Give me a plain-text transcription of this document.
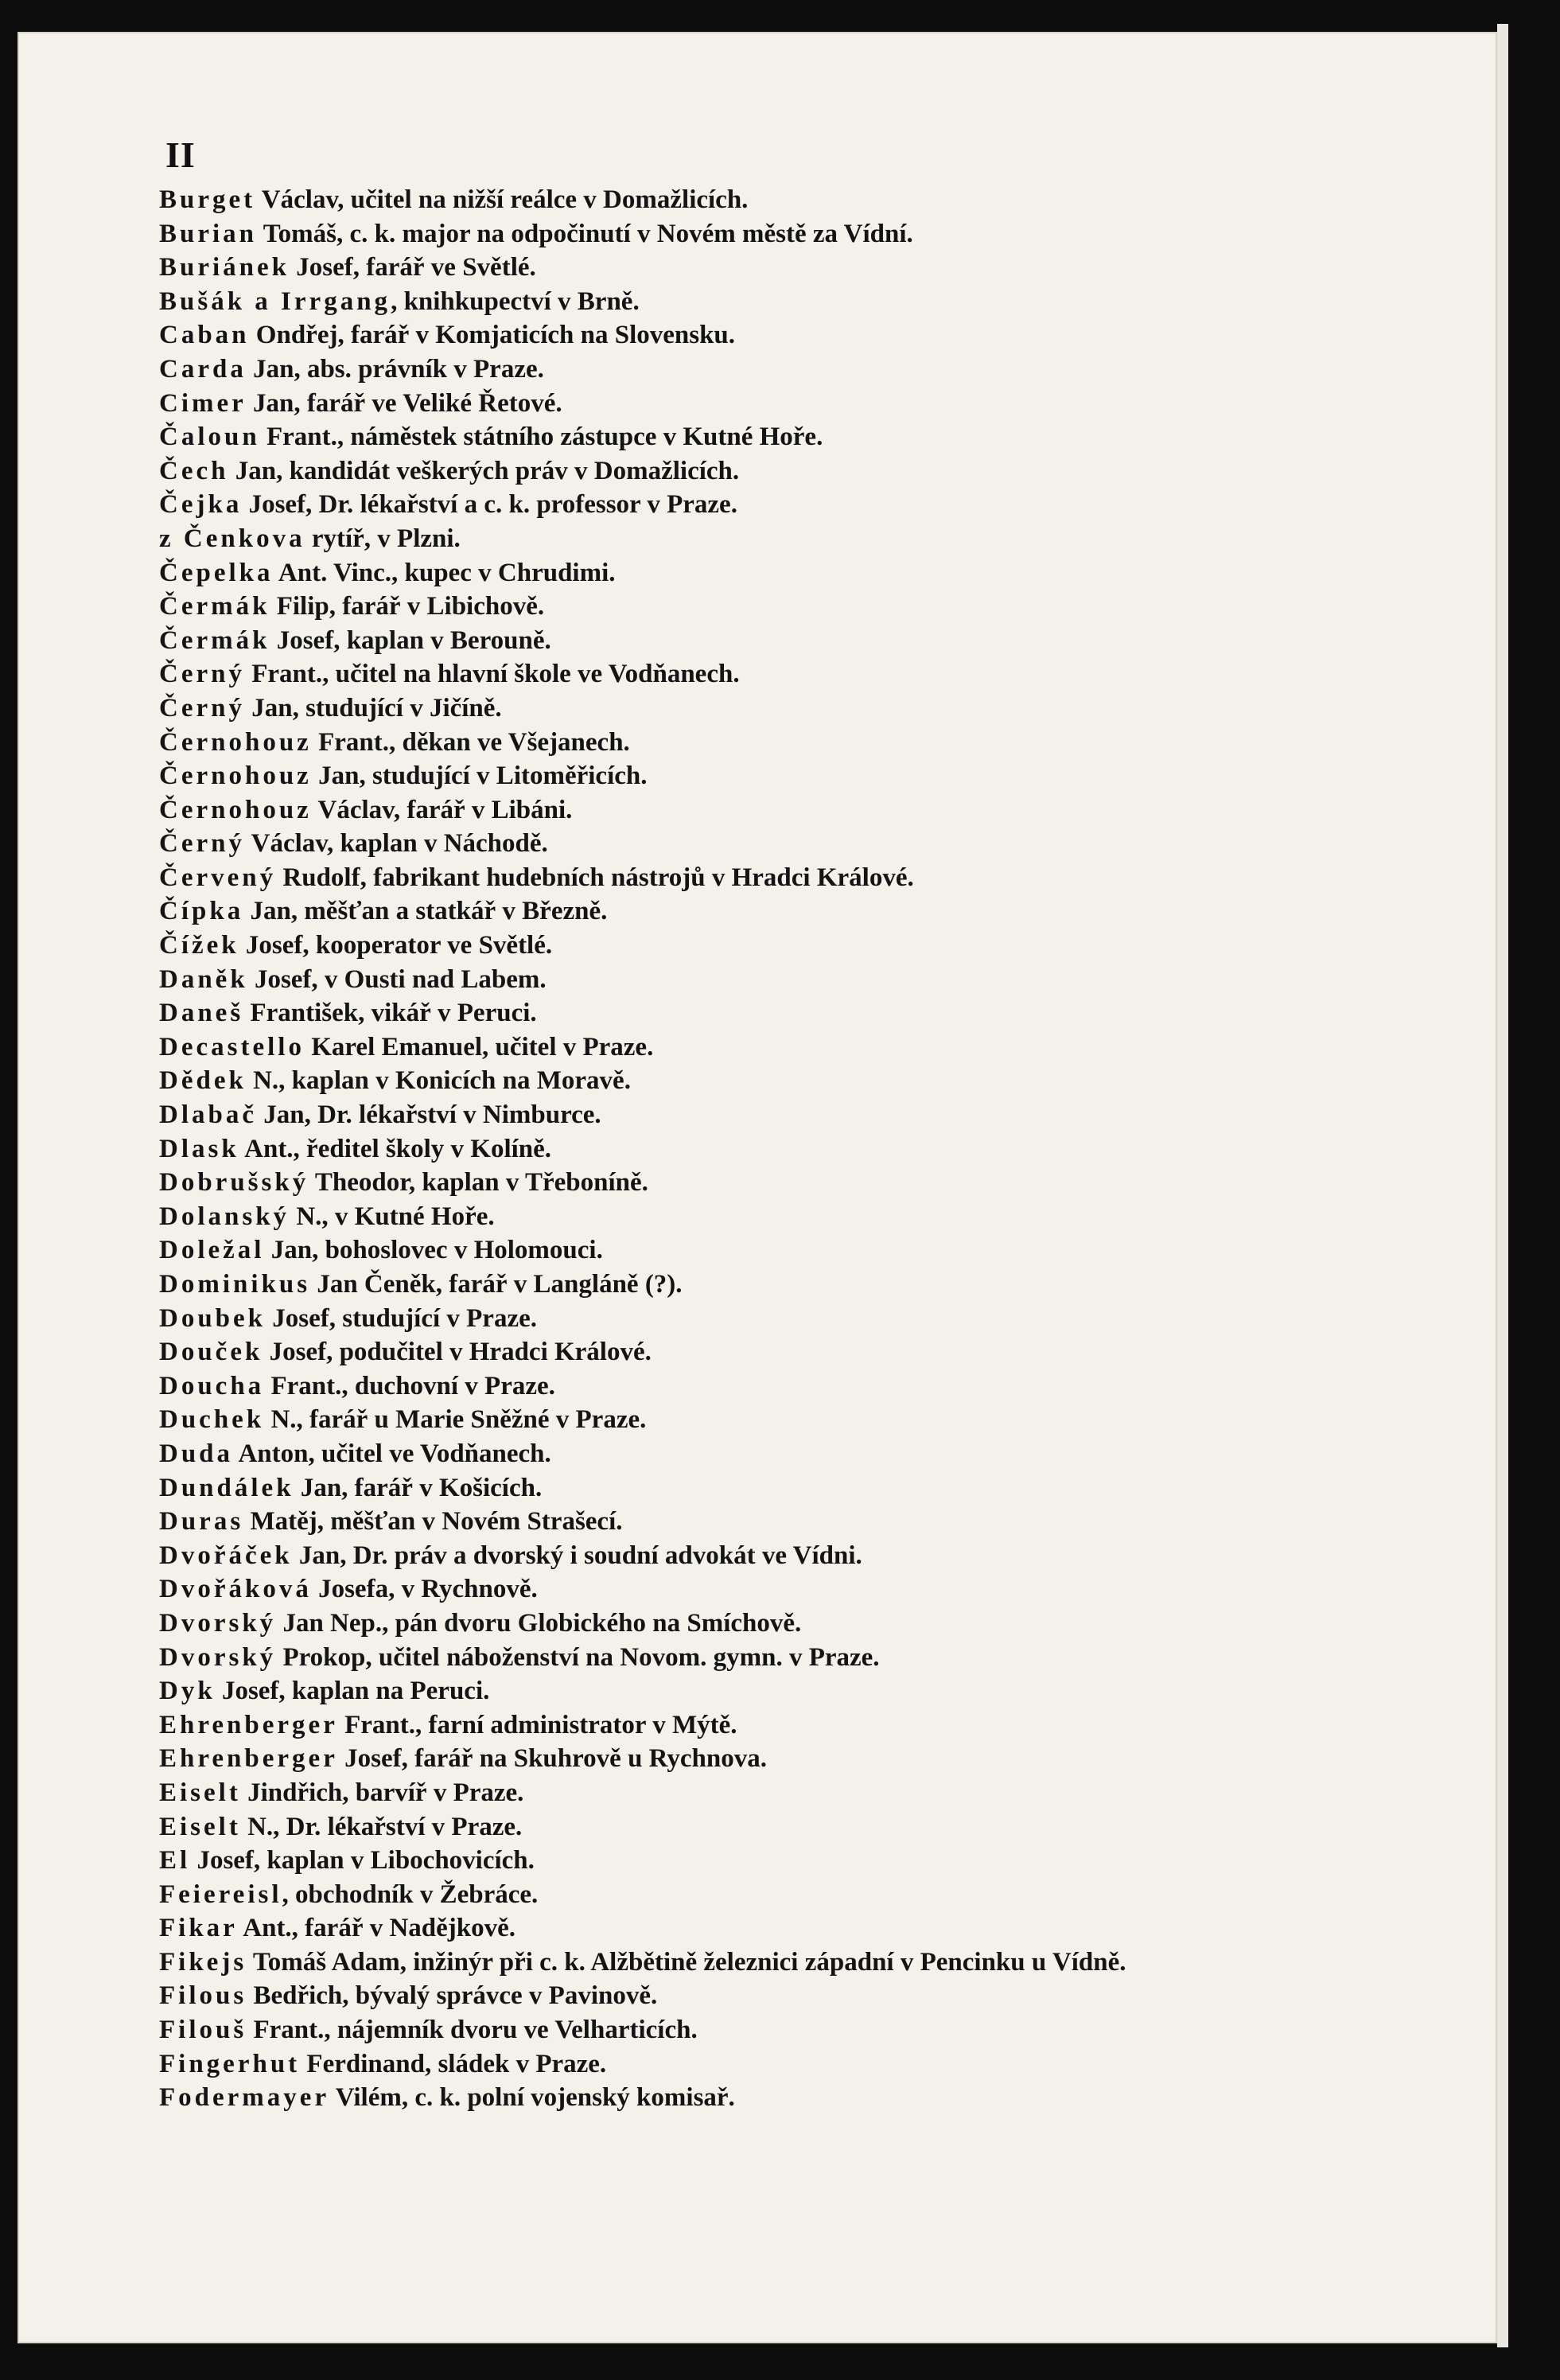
II
Burget Václav, učitel na nižší reálce v Domažlicích.
Burian Tomáš, c. k. major na odpočinutí v Novém městě za Vídní.
Buriánek Josef, farář ve Světlé.
Bušák a Irrgang, knihkupectví v Brně.
Caban Ondřej, farář v Komjaticích na Slovensku.
Carda Jan, abs. právník v Praze.
Cimer Jan, farář ve Veliké Řetové.
Čaloun Frant., náměstek státního zástupce v Kutné Hoře.
Čech Jan, kandidát veškerých práv v Domažlicích.
Čejka Josef, Dr. lékařství a c. k. professor v Praze.
z Čenkova rytíř, v Plzni.
Čepelka Ant. Vinc., kupec v Chrudimi.
Čermák Filip, farář v Libichově.
Čermák Josef, kaplan v Berouně.
Černý Frant., učitel na hlavní škole ve Vodňanech.
Černý Jan, studující v Jičíně.
Černohouz Frant., děkan ve Všejanech.
Černohouz Jan, studující v Litoměřicích.
Černohouz Václav, farář v Libáni.
Černý Václav, kaplan v Náchodě.
Červený Rudolf, fabrikant hudebních nástrojů v Hradci Králové.
Čípka Jan, měšťan a statkář v Březně.
Čížek Josef, kooperator ve Světlé.
Daněk Josef, v Ousti nad Labem.
Daneš František, vikář v Peruci.
Decastello Karel Emanuel, učitel v Praze.
Dědek N., kaplan v Konicích na Moravě.
Dlabač Jan, Dr. lékařství v Nimburce.
Dlask Ant., ředitel školy v Kolíně.
Dobrušský Theodor, kaplan v Třeboníně.
Dolanský N., v Kutné Hoře.
Doležal Jan, bohoslovec v Holomouci.
Dominikus Jan Čeněk, farář v Langláně (?).
Doubek Josef, studující v Praze.
Douček Josef, podučitel v Hradci Králové.
Doucha Frant., duchovní v Praze.
Duchek N., farář u Marie Sněžné v Praze.
Duda Anton, učitel ve Vodňanech.
Dundálek Jan, farář v Košicích.
Duras Matěj, měšťan v Novém Strašecí.
Dvořáček Jan, Dr. práv a dvorský i soudní advokát ve Vídni.
Dvořáková Josefa, v Rychnově.
Dvorský Jan Nep., pán dvoru Globického na Smíchově.
Dvorský Prokop, učitel náboženství na Novom. gymn. v Praze.
Dyk Josef, kaplan na Peruci.
Ehrenberger Frant., farní administrator v Mýtě.
Ehrenberger Josef, farář na Skuhrově u Rychnova.
Eiselt Jindřich, barvíř v Praze.
Eiselt N., Dr. lékařství v Praze.
El Josef, kaplan v Libochovicích.
Feiereisl, obchodník v Žebráce.
Fikar Ant., farář v Nadějkově.
Fikejs Tomáš Adam, inžinýr při c. k. Alžbětině železnici západní v Pencinku u Vídně.
Filous Bedřich, bývalý správce v Pavinově.
Filouš Frant., nájemník dvoru ve Velharticích.
Fingerhut Ferdinand, sládek v Praze.
Fodermayer Vilém, c. k. polní vojenský komisař.
